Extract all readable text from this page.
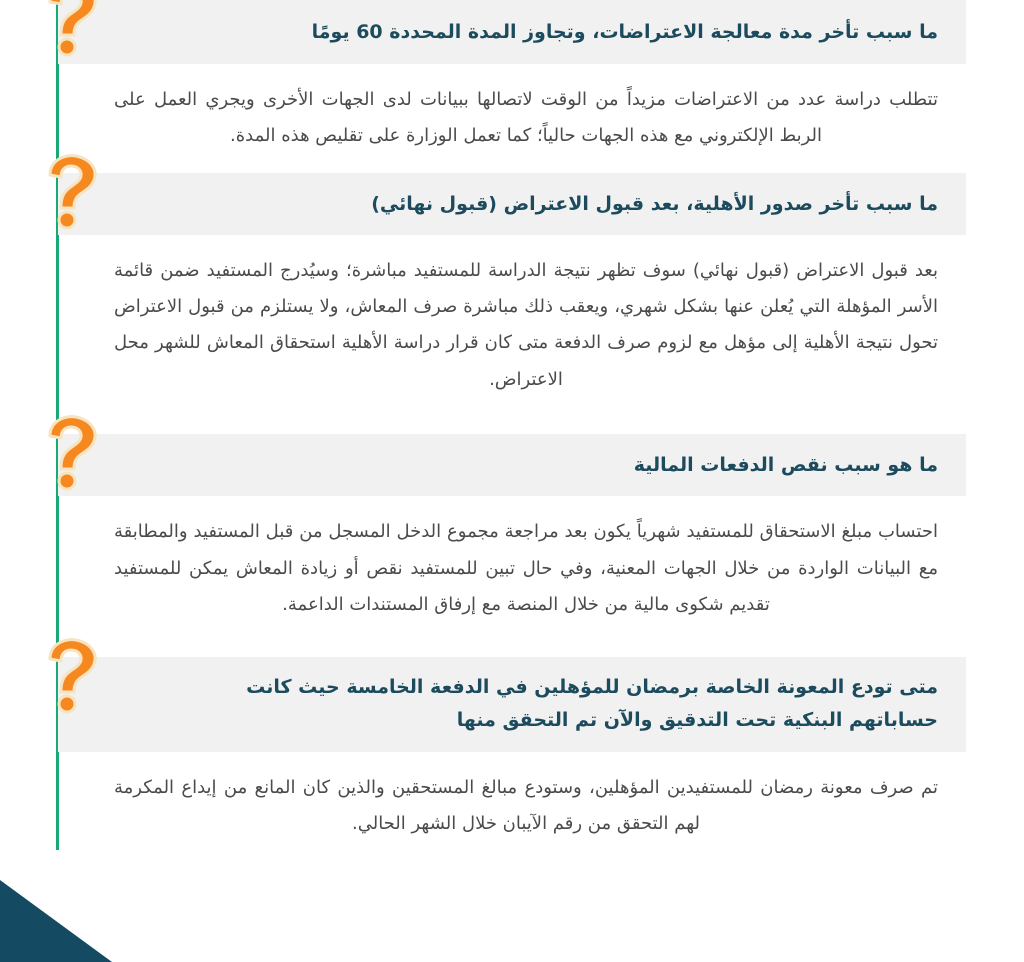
ما سبب تأخر مدة معالجة الاعتراضات، وتجاوز المدة المحددة 60 يومًا
تتطلب دراسة عدد من الاعتراضات مزيداً من الوقت لاتصالها ببيانات لدى الجهات الأخرى ويجري العمل على الربط الإلكتروني مع هذه الجهات حالياً؛ كما تعمل الوزارة على تقليص هذه المدة.
ما سبب تأخر صدور الأهلية، بعد قبول الاعتراض (قبول نهائي)
بعد قبول الاعتراض (قبول نهائي) سوف تظهر نتيجة الدراسة للمستفيد مباشرة؛ وسيُدرج المستفيد ضمن قائمة الأسر المؤهلة التي يُعلن عنها بشكل شهري، ويعقب ذلك مباشرة صرف المعاش، ولا يستلزم من قبول الاعتراض تحول نتيجة الأهلية إلى مؤهل مع لزوم صرف الدفعة متى كان قرار دراسة الأهلية استحقاق المعاش للشهر محل الاعتراض.
ما هو سبب نقص الدفعات المالية
احتساب مبلغ الاستحقاق للمستفيد شهرياً يكون بعد مراجعة مجموع الدخل المسجل من قبل المستفيد والمطابقة مع البيانات الواردة من خلال الجهات المعنية، وفي حال تبين للمستفيد نقص أو زيادة المعاش يمكن للمستفيد تقديم شكوى مالية من خلال المنصة مع إرفاق المستندات الداعمة.
متى تودع المعونة الخاصة برمضان للمؤهلين في الدفعة الخامسة حيث كانت حساباتهم البنكية تحت التدقيق والآن تم التحقق منها
تم صرف معونة رمضان للمستفيدين المؤهلين، وستودع مبالغ المستحقين والذين كان المانع من إيداع المكرمة لهم التحقق من رقم الآيبان خلال الشهر الحالي.
